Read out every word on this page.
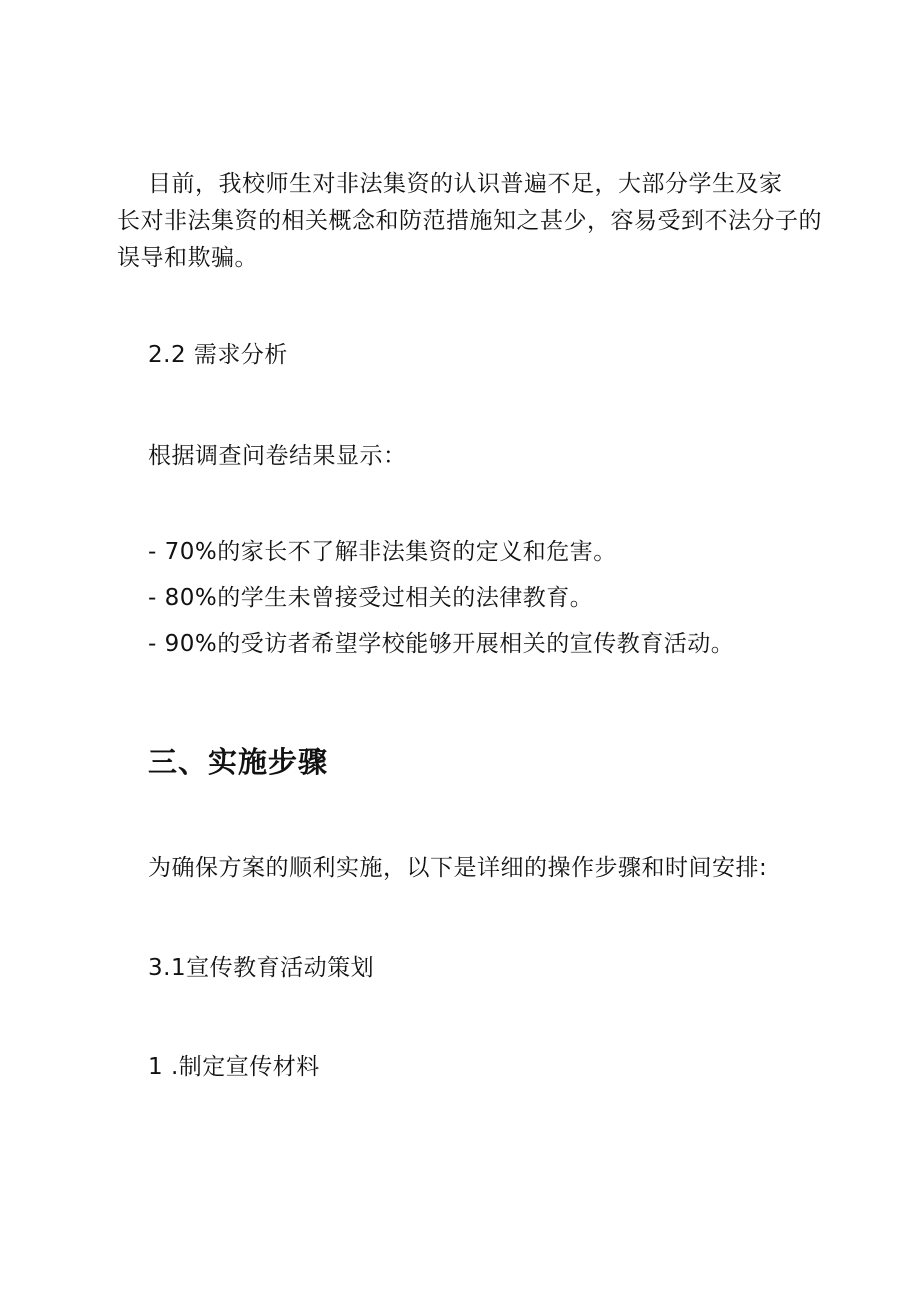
目前，我校师生对非法集资的认识普遍不足，大部分学生及家
长对非法集资的相关概念和防范措施知之甚少，容易受到不法分子的
误导和欺骗。

2.2 需求分析

根据调查问卷结果显示：

- 70%的家长不了解非法集资的定义和危害。
- 80%的学生未曾接受过相关的法律教育。
- 90%的受访者希望学校能够开展相关的宣传教育活动。
三、实施步骤

为确保方案的顺利实施，以下是详细的操作步骤和时间安排:

3.1宣传教育活动策划

1 .制定宣传材料
